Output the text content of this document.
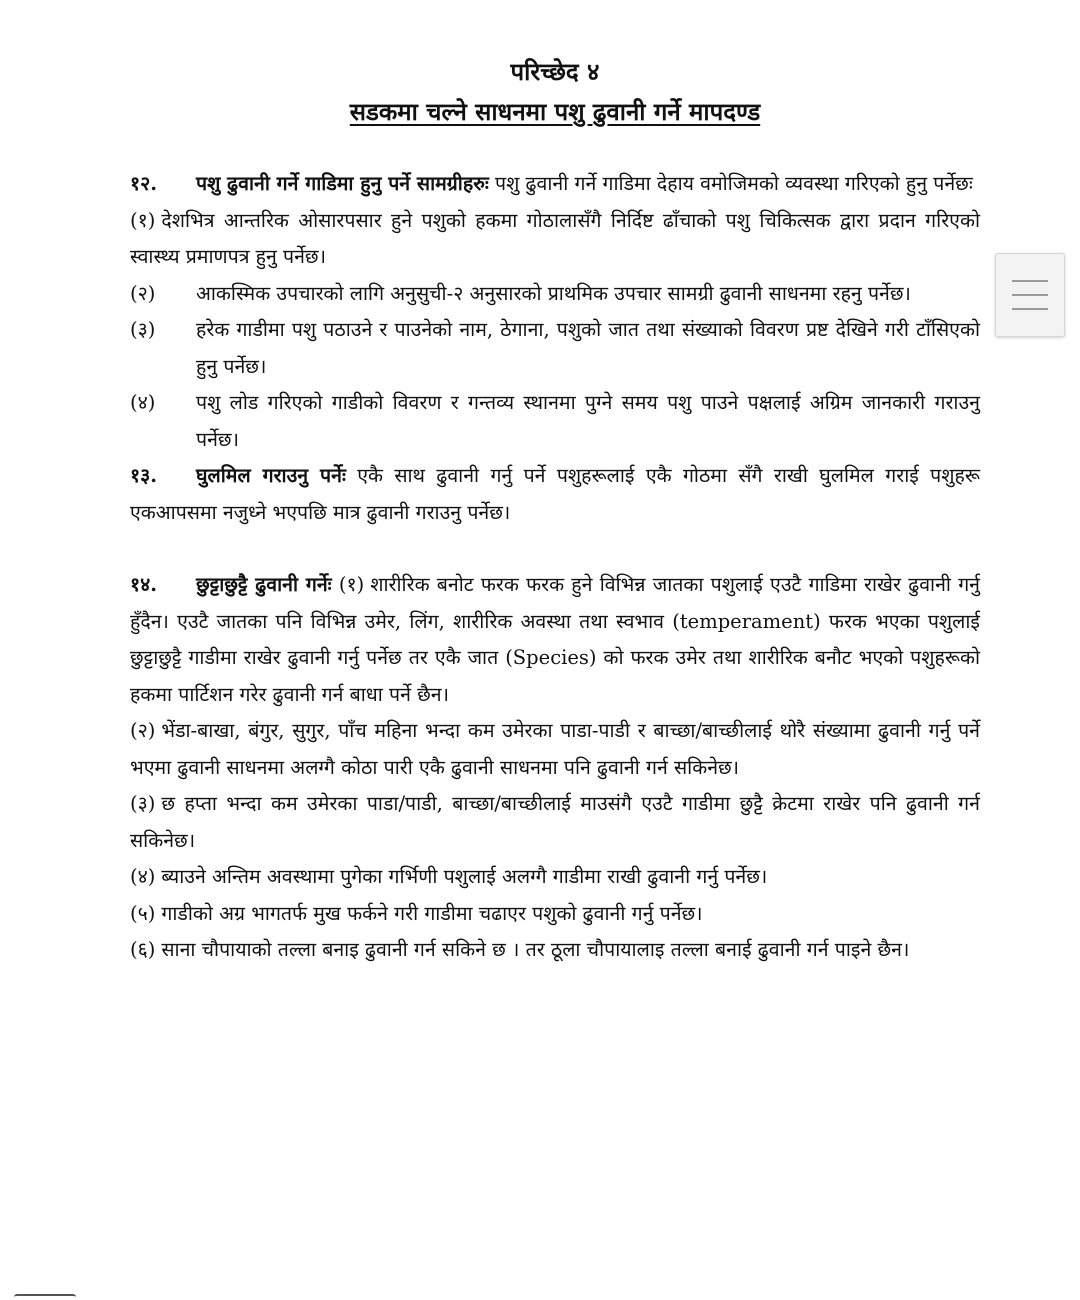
परिच्छेद ४
सडकमा चल्ने साधनमा पशु ढुवानी गर्ने मापदण्ड

१२. पशु ढुवानी गर्ने गाडिमा हुनु पर्ने सामग्रीहरुः पशु ढुवानी गर्ने गाडिमा देहाय वमोजिमको व्यवस्था गरिएको हुनु पर्नेछः

(१) देशभित्र आन्तरिक ओसारपसार हुने पशुको हकमा गोठालासँगै निर्दिष्ट ढाँचाको पशु चिकित्सक द्वारा प्रदान गरिएको स्वास्थ्य प्रमाणपत्र हुनु पर्नेछ।

(२) आकस्मिक उपचारको लागि अनुसुची-२ अनुसारको प्राथमिक उपचार सामग्री ढुवानी साधनमा रहनु पर्नेछ।

(३) हरेक गाडीमा पशु पठाउने र पाउनेको नाम, ठेगाना, पशुको जात तथा संख्याको विवरण प्रष्ट देखिने गरी टाँसिएको हुनु पर्नेछ।

(४) पशु लोड गरिएको गाडीको विवरण र गन्तव्य स्थानमा पुग्ने समय पशु पाउने पक्षलाई अग्रिम जानकारी गराउनु पर्नेछ।

१३. घुलमिल गराउनु पर्नेः एकै साथ ढुवानी गर्नु पर्ने पशुहरूलाई एकै गोठमा सँगै राखी घुलमिल गराई पशुहरू एकआपसमा नजुध्ने भएपछि मात्र ढुवानी गराउनु पर्नेछ।

१४. छुट्टाछुट्टै ढुवानी गर्नेः (१) शारीरिक बनोट फरक फरक हुने विभिन्न जातका पशुलाई एउटै गाडिमा राखेर ढुवानी गर्नु हुँदैन। एउटै जातका पनि विभिन्न उमेर, लिंग, शारीरिक अवस्था तथा स्वभाव (temperament) फरक भएका पशुलाई छुट्टाछुट्टै गाडीमा राखेर ढुवानी गर्नु पर्नेछ तर एकै जात (Species) को फरक उमेर तथा शारीरिक बनौट भएको पशुहरूको हकमा पार्टिशन गरेर ढुवानी गर्न बाधा पर्ने छैन।

(२) भेंडा-बाखा, बंगुर, सुगुर, पाँच महिना भन्दा कम उमेरका पाडा-पाडी र बाच्छा/बाच्छीलाई थोरै संख्यामा ढुवानी गर्नु पर्ने भएमा ढुवानी साधनमा अलग्गै कोठा पारी एकै ढुवानी साधनमा पनि ढुवानी गर्न सकिनेछ।

(३) छ हप्ता भन्दा कम उमेरका पाडा/पाडी, बाच्छा/बाच्छीलाई माउसंगै एउटै गाडीमा छुट्टै क्रेटमा राखेर पनि ढुवानी गर्न सकिनेछ।

(४) ब्याउने अन्तिम अवस्थामा पुगेका गर्भिणी पशुलाई अलग्गै गाडीमा राखी ढुवानी गर्नु पर्नेछ।

(५) गाडीको अग्र भागतर्फ मुख फर्कने गरी गाडीमा चढाएर पशुको ढुवानी गर्नु पर्नेछ।

(६) साना चौपायाको तल्ला बनाइ ढुवानी गर्न सकिने छ । तर ठूला चौपायालाइ तल्ला बनाई ढुवानी गर्न पाइने छैन।
